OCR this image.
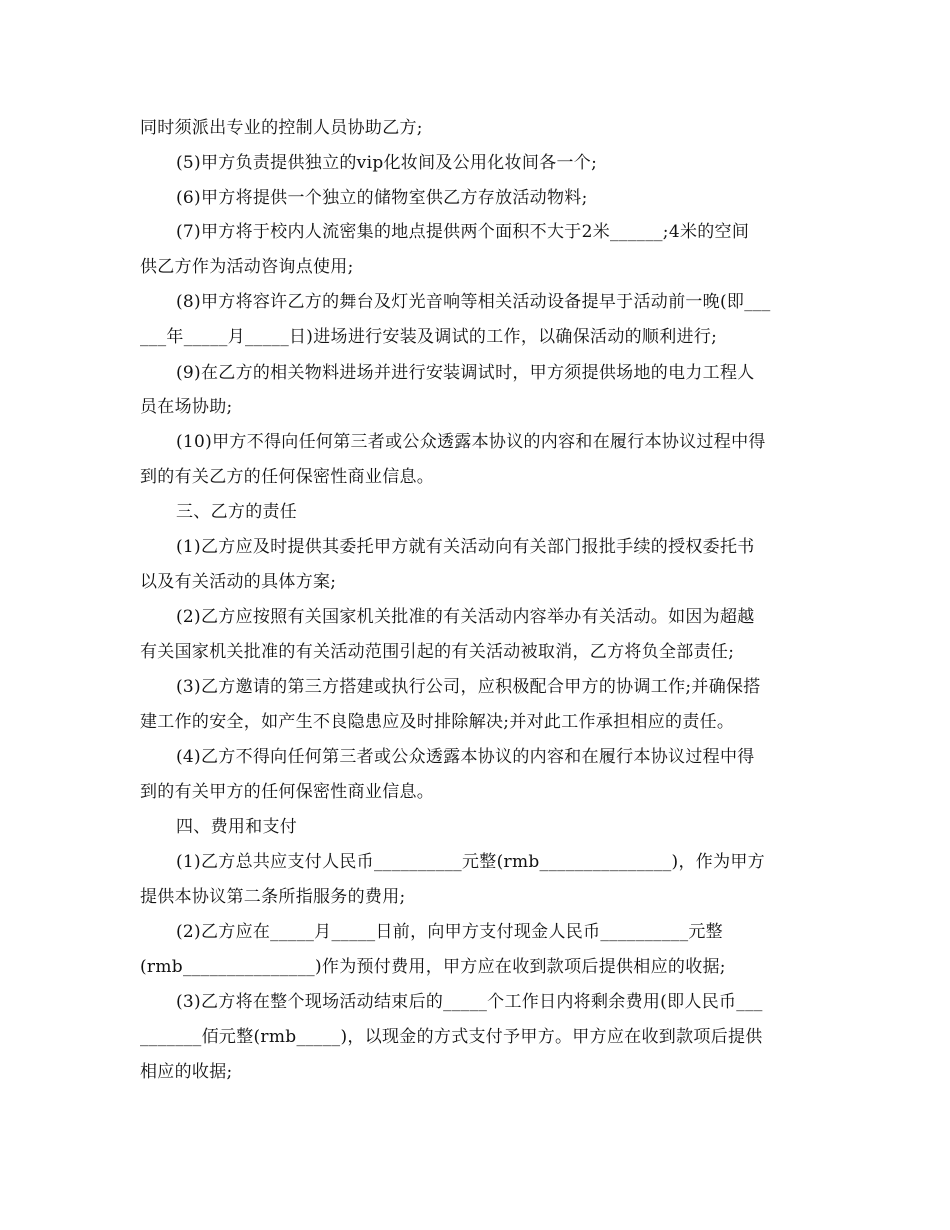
同时须派出专业的控制人员协助乙方;
(5)甲方负责提供独立的vip化妆间及公用化妆间各一个;
(6)甲方将提供一个独立的储物室供乙方存放活动物料;
(7)甲方将于校内人流密集的地点提供两个面积不大于2米______;4米的空间
供乙方作为活动咨询点使用;
(8)甲方将容许乙方的舞台及灯光音响等相关活动设备提早于活动前一晚(即___
___年_____月_____日)进场进行安装及调试的工作，以确保活动的顺利进行;
(9)在乙方的相关物料进场并进行安装调试时，甲方须提供场地的电力工程人
员在场协助;
(10)甲方不得向任何第三者或公众透露本协议的内容和在履行本协议过程中得
到的有关乙方的任何保密性商业信息。
三、乙方的责任
(1)乙方应及时提供其委托甲方就有关活动向有关部门报批手续的授权委托书
以及有关活动的具体方案;
(2)乙方应按照有关国家机关批准的有关活动内容举办有关活动。如因为超越
有关国家机关批准的有关活动范围引起的有关活动被取消，乙方将负全部责任;
(3)乙方邀请的第三方搭建或执行公司，应积极配合甲方的协调工作;并确保搭
建工作的安全，如产生不良隐患应及时排除解决;并对此工作承担相应的责任。
(4)乙方不得向任何第三者或公众透露本协议的内容和在履行本协议过程中得
到的有关甲方的任何保密性商业信息。
四、费用和支付
(1)乙方总共应支付人民币__________元整(rmb_______________)，作为甲方
提供本协议第二条所指服务的费用;
(2)乙方应在_____月_____日前，向甲方支付现金人民币__________元整
(rmb_______________)作为预付费用，甲方应在收到款项后提供相应的收据;
(3)乙方将在整个现场活动结束后的_____个工作日内将剩余费用(即人民币___
_______佰元整(rmb_____)，以现金的方式支付予甲方。甲方应在收到款项后提供
相应的收据;
